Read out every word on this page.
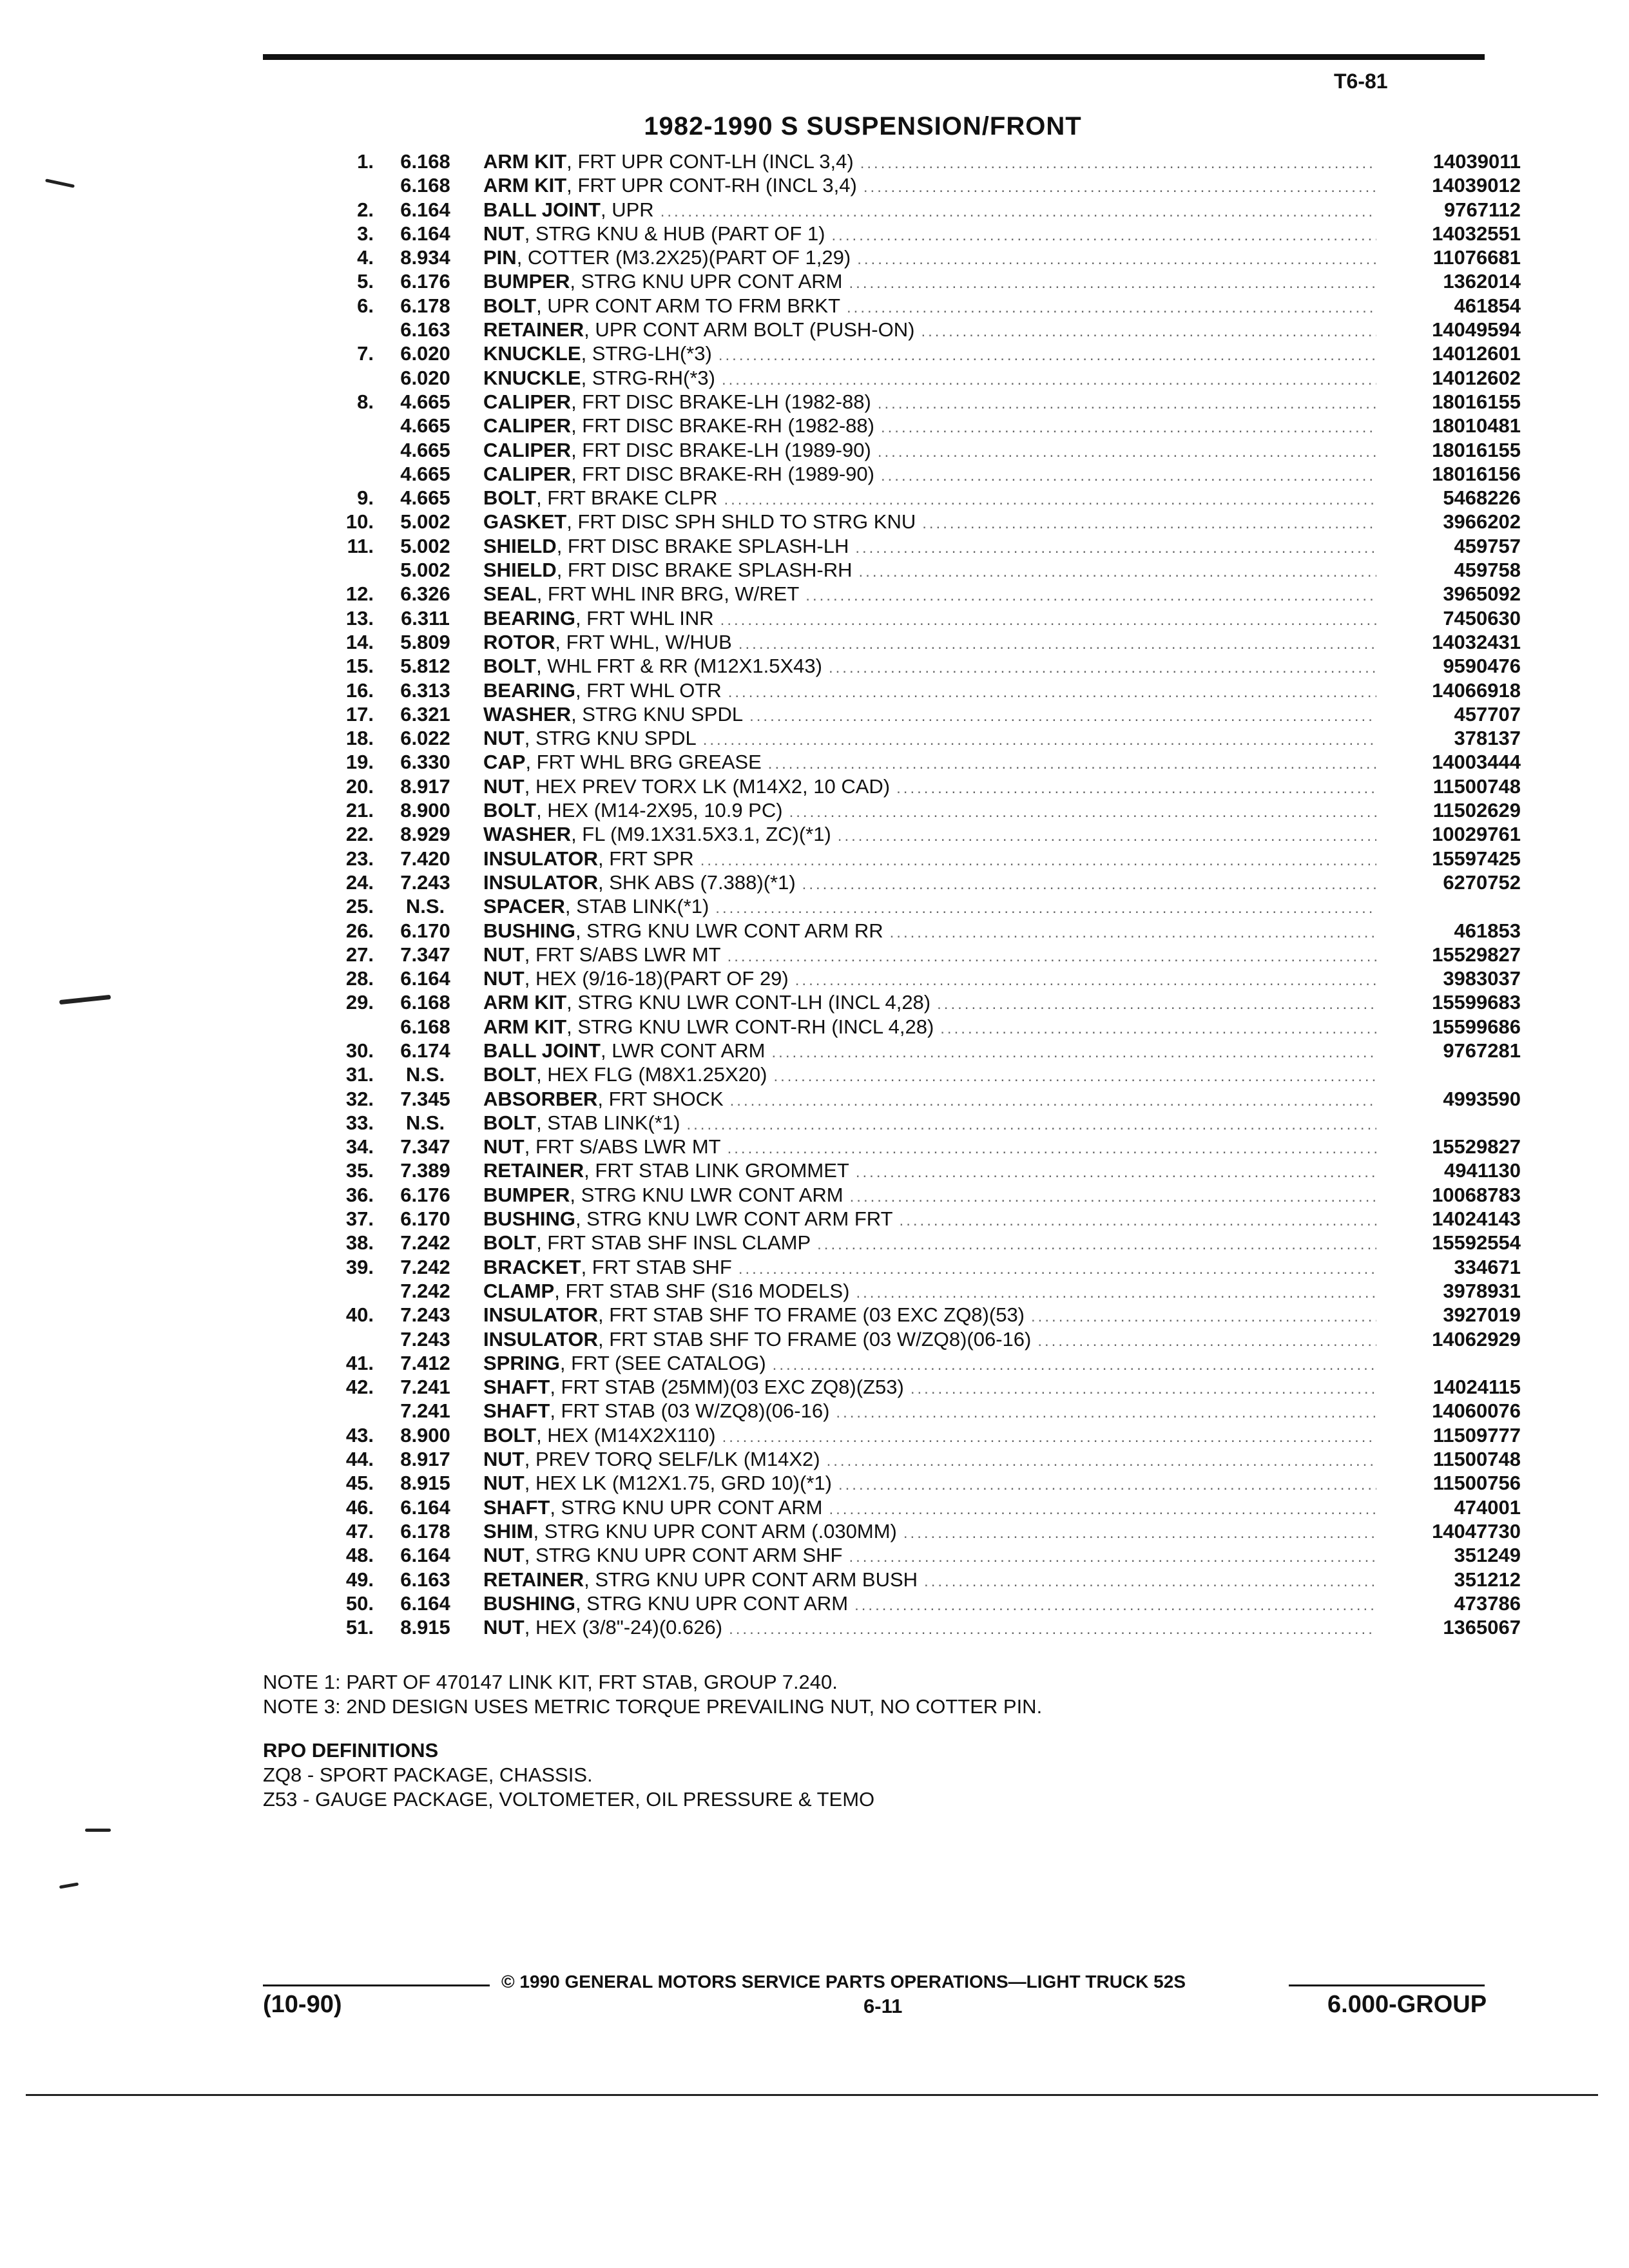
T6-81
1982-1990 S SUSPENSION/FRONT
1.	6.168	ARM KIT , FRT UPR CONT-LH (INCL 3,4) .....	14039011
6.168	ARM KIT , FRT UPR CONT-RH (INCL 3,4) .....	14039012
2.	6.164	BALL JOINT , UPR .....	9767112
3.	6.164	NUT , STRG KNU & HUB (PART OF 1) .....	14032551
4.	8.934	PIN , COTTER (M3.2X25)(PART OF 1,29) .....	11076681
5.	6.176	BUMPER , STRG KNU UPR CONT ARM .....	1362014
6.	6.178	BOLT , UPR CONT ARM TO FRM BRKT .....	461854
6.163	RETAINER , UPR CONT ARM BOLT (PUSH-ON) .....	14049594
7.	6.020	KNUCKLE , STRG-LH(*3) .....	14012601
6.020	KNUCKLE , STRG-RH(*3) .....	14012602
8.	4.665	CALIPER , FRT DISC BRAKE-LH (1982-88) .....	18016155
4.665	CALIPER , FRT DISC BRAKE-RH (1982-88) .....	18010481
4.665	CALIPER , FRT DISC BRAKE-LH (1989-90) .....	18016155
4.665	CALIPER , FRT DISC BRAKE-RH (1989-90) .....	18016156
9.	4.665	BOLT , FRT BRAKE CLPR .....	5468226
10.	5.002	GASKET , FRT DISC SPH SHLD TO STRG KNU .....	3966202
11.	5.002	SHIELD , FRT DISC BRAKE SPLASH-LH .....	459757
5.002	SHIELD , FRT DISC BRAKE SPLASH-RH .....	459758
12.	6.326	SEAL , FRT WHL INR BRG, W/RET .....	3965092
13.	6.311	BEARING , FRT WHL INR .....	7450630
14.	5.809	ROTOR , FRT WHL, W/HUB .....	14032431
15.	5.812	BOLT , WHL FRT & RR (M12X1.5X43) .....	9590476
16.	6.313	BEARING , FRT WHL OTR .....	14066918
17.	6.321	WASHER , STRG KNU SPDL .....	457707
18.	6.022	NUT , STRG KNU SPDL .....	378137
19.	6.330	CAP , FRT WHL BRG GREASE .....	14003444
20.	8.917	NUT , HEX PREV TORX LK (M14X2, 10 CAD) .....	11500748
21.	8.900	BOLT , HEX (M14-2X95, 10.9 PC) .....	11502629
22.	8.929	WASHER , FL (M9.1X31.5X3.1, ZC)(*1) .....	10029761
23.	7.420	INSULATOR , FRT SPR .....	15597425
24.	7.243	INSULATOR , SHK ABS (7.388)(*1) .....	6270752
25.	N.S.	SPACER , STAB LINK(*1)
.....
26.	6.170	BUSHING , STRG KNU LWR CONT ARM RR .....	461853
27.	7.347	NUT , FRT S/ABS LWR MT .....	15529827
28.	6.164	NUT , HEX (9/16-18)(PART OF 29) .....	3983037
29.	6.168	ARM KIT , STRG KNU LWR CONT-LH (INCL 4,28) .....	15599683
6.168	ARM KIT , STRG KNU LWR CONT-RH (INCL 4,28) .....	15599686
30.	6.174	BALL JOINT , LWR CONT ARM .....	9767281
31.	N.S.	BOLT , HEX FLG (M8X1.25X20)
.....
32.	7.345	ABSORBER , FRT SHOCK .....	4993590
33.	N.S.	BOLT , STAB LINK(*1)
.....
34.	7.347	NUT , FRT S/ABS LWR MT .....	15529827
35.	7.389	RETAINER , FRT STAB LINK GROMMET .....	4941130
36.	6.176	BUMPER , STRG KNU LWR CONT ARM .....	10068783
37.	6.170	BUSHING , STRG KNU LWR CONT ARM FRT .....	14024143
38.	7.242	BOLT , FRT STAB SHF INSL CLAMP .....	15592554
39.	7.242	BRACKET , FRT STAB SHF .....	334671
7.242	CLAMP , FRT STAB SHF (S16 MODELS) .....	3978931
40.	7.243	INSULATOR , FRT STAB SHF TO FRAME (03 EXC ZQ8)(53) .....	3927019
7.243	INSULATOR , FRT STAB SHF TO FRAME (03 W/ZQ8)(06-16) .....	14062929
41.	7.412	SPRING , FRT (SEE CATALOG)
.....
42.	7.241	SHAFT , FRT STAB (25MM)(03 EXC ZQ8)(Z53) .....	14024115
7.241	SHAFT , FRT STAB (03 W/ZQ8)(06-16) .....	14060076
43.	8.900	BOLT , HEX (M14X2X110) .....	11509777
44.	8.917	NUT , PREV TORQ SELF/LK (M14X2) .....	11500748
45.	8.915	NUT , HEX LK (M12X1.75, GRD 10)(*1) .....	11500756
46.	6.164	SHAFT , STRG KNU UPR CONT ARM .....	474001
47.	6.178	SHIM , STRG KNU UPR CONT ARM (.030MM) .....	14047730
48.	6.164	NUT , STRG KNU UPR CONT ARM SHF .....	351249
49.	6.163	RETAINER , STRG KNU UPR CONT ARM BUSH .....	351212
50.	6.164	BUSHING , STRG KNU UPR CONT ARM .....	473786
51.	8.915	NUT , HEX (3/8"-24)(0.626) .....	1365067
NOTE 1: PART OF 470147 LINK KIT, FRT STAB, GROUP 7.240.
NOTE 3: 2ND DESIGN USES METRIC TORQUE PREVAILING NUT, NO COTTER PIN.
RPO DEFINITIONS
ZQ8 - SPORT PACKAGE, CHASSIS.
Z53 - GAUGE PACKAGE, VOLTOMETER, OIL PRESSURE & TEMO
© 1990 GENERAL MOTORS SERVICE PARTS OPERATIONS—LIGHT TRUCK 52S
(10-90)	6-11	6.000-GROUP
